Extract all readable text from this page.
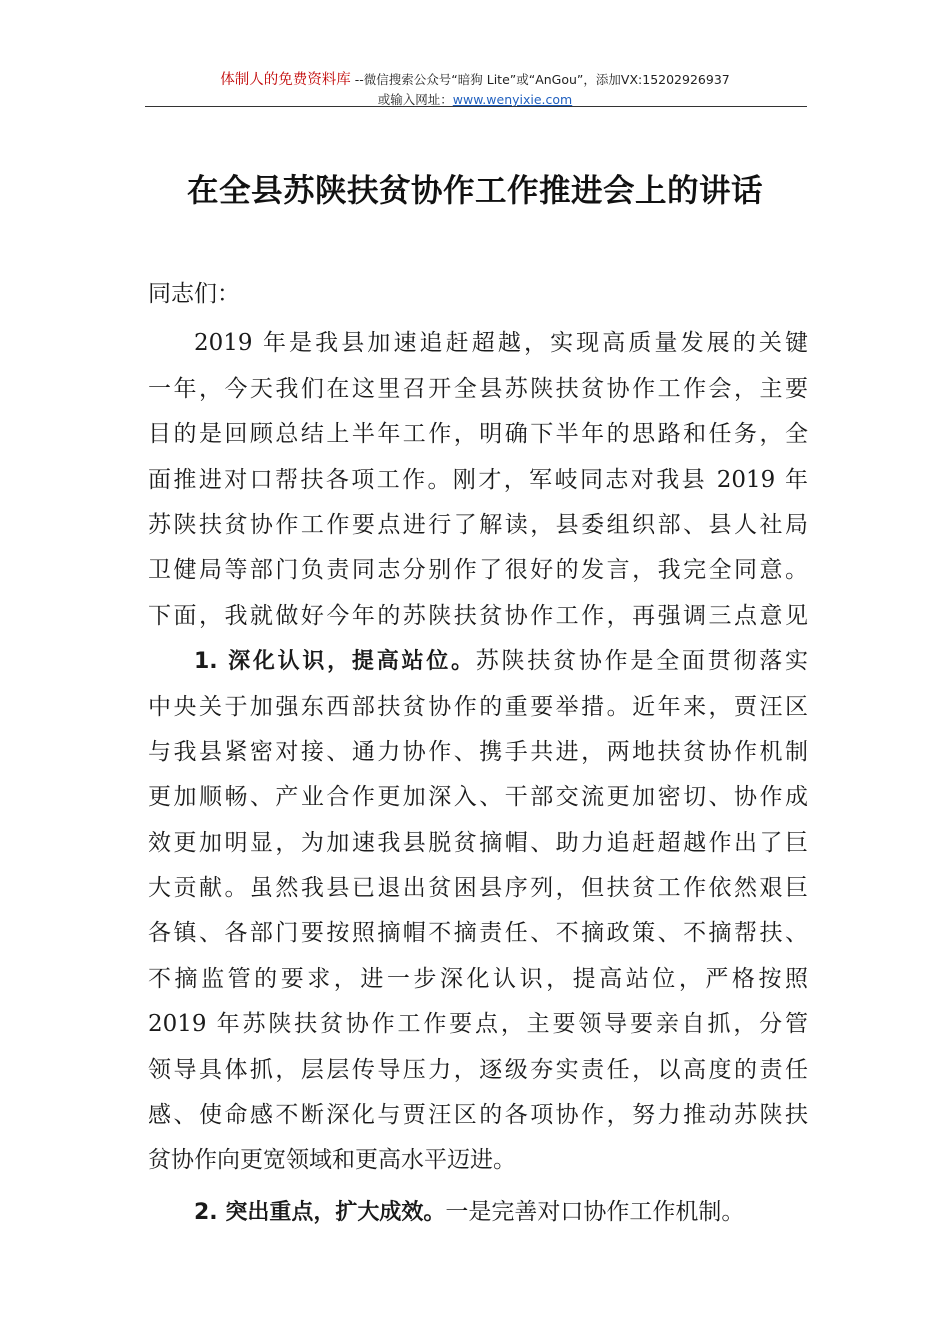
体制人的免费资料库 --微信搜索公众号“暗狗 Lite”或“AnGou”，添加VX:15202926937
或输入网址：www.wenyixie.com
在全县苏陕扶贫协作工作推进会上的讲话
同志们：
2019 年是我县加速追赶超越，实现高质量发展的关键
一年，今天我们在这里召开全县苏陕扶贫协作工作会，主要
目的是回顾总结上半年工作，明确下半年的思路和任务，全
面推进对口帮扶各项工作。刚才，军岐同志对我县 2019 年
苏陕扶贫协作工作要点进行了解读，县委组织部、县人社局
卫健局等部门负责同志分别作了很好的发言，我完全同意。
下面，我就做好今年的苏陕扶贫协作工作，再强调三点意见
1. 深化认识，提高站位。苏陕扶贫协作是全面贯彻落实
中央关于加强东西部扶贫协作的重要举措。近年来，贾汪区
与我县紧密对接、通力协作、携手共进，两地扶贫协作机制
更加顺畅、产业合作更加深入、干部交流更加密切、协作成
效更加明显，为加速我县脱贫摘帽、助力追赶超越作出了巨
大贡献。虽然我县已退出贫困县序列，但扶贫工作依然艰巨
各镇、各部门要按照摘帽不摘责任、不摘政策、不摘帮扶、
不摘监管的要求，进一步深化认识，提高站位，严格按照
2019 年苏陕扶贫协作工作要点，主要领导要亲自抓，分管
领导具体抓，层层传导压力，逐级夯实责任，以高度的责任
感、使命感不断深化与贾汪区的各项协作，努力推动苏陕扶
贫协作向更宽领域和更高水平迈进。
2. 突出重点，扩大成效。一是完善对口协作工作机制。
